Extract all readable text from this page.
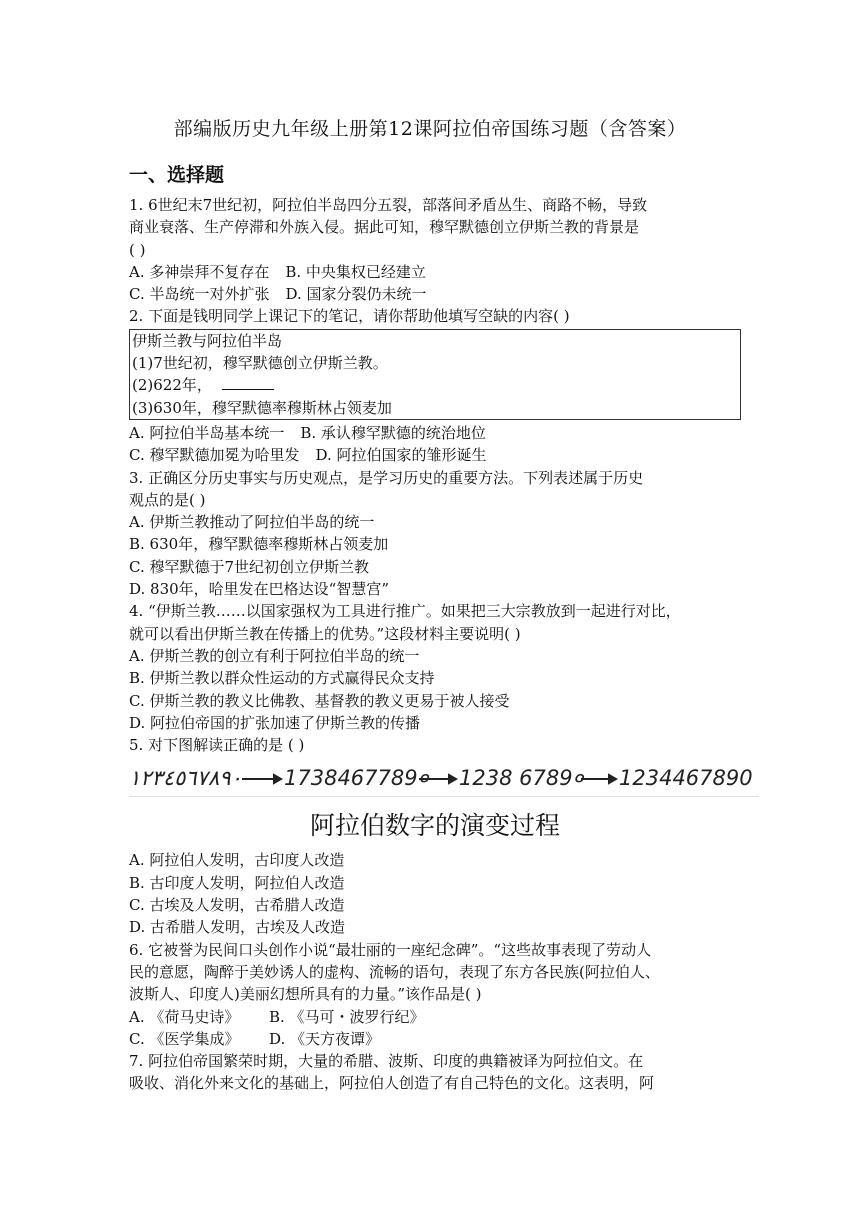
部编版历史九年级上册第12课阿拉伯帝国练习题（含答案）
一、选择题
1. 6世纪末7世纪初，阿拉伯半岛四分五裂，部落间矛盾丛生、商路不畅，导致
商业衰落、生产停滞和外族入侵。据此可知，穆罕默德创立伊斯兰教的背景是
( )
A. 多神崇拜不复存在 B. 中央集权已经建立
C. 半岛统一对外扩张 D. 国家分裂仍未统一
2. 下面是钱明同学上课记下的笔记，请你帮助他填写空缺的内容( )
伊斯兰教与阿拉伯半岛
(1)7世纪初，穆罕默德创立伊斯兰教。
(2)622年，
(3)630年，穆罕默德率穆斯林占领麦加
A. 阿拉伯半岛基本统一 B. 承认穆罕默德的统治地位
C. 穆罕默德加冕为哈里发 D. 阿拉伯国家的雏形诞生
3. 正确区分历史事实与历史观点，是学习历史的重要方法。下列表述属于历史
观点的是( )
A. 伊斯兰教推动了阿拉伯半岛的统一
B. 630年，穆罕默德率穆斯林占领麦加
C. 穆罕默德于7世纪初创立伊斯兰教
D. 830年，哈里发在巴格达设“智慧宫”
4. “伊斯兰教……以国家强权为工具进行推广。如果把三大宗教放到一起进行对比，
就可以看出伊斯兰教在传播上的优势。”这段材料主要说明( )
A. 伊斯兰教的创立有利于阿拉伯半岛的统一
B. 伊斯兰教以群众性运动的方式赢得民众支持
C. 伊斯兰教的教义比佛教、基督教的教义更易于被人接受
D. 阿拉伯帝国的扩张加速了伊斯兰教的传播
5. 对下图解读正确的是 ( )
١٢٣٤٥٦٧٨٩٠ 1738467789० 1238 6789० 1234467890
阿拉伯数字的演变过程
A. 阿拉伯人发明，古印度人改造
B. 古印度人发明，阿拉伯人改造
C. 古埃及人发明，古希腊人改造
D. 古希腊人发明，古埃及人改造
6. 它被誉为民间口头创作小说“最壮丽的一座纪念碑”。“这些故事表现了劳动人
民的意愿，陶醉于美妙诱人的虚构、流畅的语句，表现了东方各民族(阿拉伯人、
波斯人、印度人)美丽幻想所具有的力量。”该作品是( )
A. 《荷马史诗》 B. 《马可・波罗行纪》
C. 《医学集成》 D. 《天方夜谭》
7. 阿拉伯帝国繁荣时期，大量的希腊、波斯、印度的典籍被译为阿拉伯文。在
吸收、消化外来文化的基础上，阿拉伯人创造了有自己特色的文化。这表明，阿
